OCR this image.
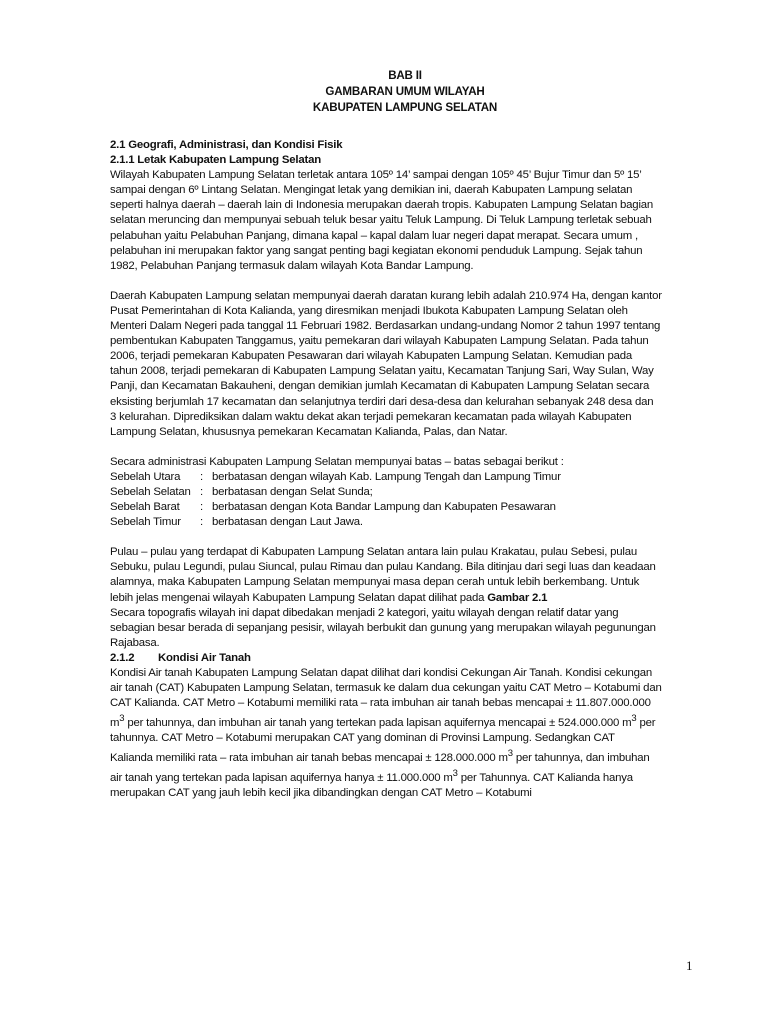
BAB II
GAMBARAN UMUM WILAYAH
KABUPATEN LAMPUNG SELATAN
2.1 Geografi, Administrasi, dan Kondisi Fisik
2.1.1 Letak Kabupaten Lampung Selatan

Wilayah Kabupaten Lampung Selatan terletak antara 105º 14’ sampai dengan 105º 45’ Bujur Timur dan 5º 15’

sampai dengan 6º Lintang Selatan. Mengingat letak yang demikian ini, daerah Kabupaten Lampung selatan

seperti halnya daerah – daerah lain di Indonesia merupakan daerah tropis. Kabupaten Lampung Selatan bagian

selatan meruncing dan mempunyai sebuah teluk besar yaitu Teluk Lampung. Di Teluk Lampung terletak sebuah

pelabuhan yaitu Pelabuhan Panjang, dimana kapal – kapal dalam luar negeri dapat merapat. Secara umum ,

pelabuhan ini merupakan faktor yang sangat penting bagi kegiatan ekonomi penduduk Lampung. Sejak tahun

1982, Pelabuhan Panjang termasuk dalam wilayah Kota Bandar Lampung.

Daerah Kabupaten Lampung selatan mempunyai daerah daratan kurang lebih adalah 210.974 Ha, dengan kantor

Pusat Pemerintahan di Kota Kalianda, yang diresmikan menjadi Ibukota Kabupaten Lampung Selatan oleh

Menteri Dalam Negeri pada tanggal 11 Februari 1982. Berdasarkan undang-undang Nomor 2 tahun 1997 tentang

pembentukan Kabupaten Tanggamus, yaitu pemekaran dari wilayah Kabupaten Lampung Selatan. Pada tahun

2006, terjadi pemekaran Kabupaten Pesawaran dari wilayah Kabupaten Lampung Selatan. Kemudian pada

tahun 2008, terjadi pemekaran di Kabupaten Lampung Selatan yaitu, Kecamatan Tanjung Sari, Way Sulan, Way

Panji, dan Kecamatan Bakauheni, dengan demikian jumlah Kecamatan di Kabupaten Lampung Selatan secara

eksisting berjumlah 17 kecamatan dan selanjutnya terdiri dari desa-desa dan kelurahan sebanyak 248 desa dan

3 kelurahan. Diprediksikan dalam waktu dekat akan terjadi pemekaran kecamatan pada wilayah Kabupaten

Lampung Selatan, khususnya pemekaran Kecamatan Kalianda, Palas, dan Natar.

Secara administrasi Kabupaten Lampung Selatan mempunyai batas – batas sebagai berikut :

Sebelah Utara	: berbatasan dengan wilayah Kab. Lampung Tengah dan Lampung Timur
Sebelah Selatan : berbatasan dengan Selat Sunda;
Sebelah Barat	: berbatasan dengan Kota Bandar Lampung dan Kabupaten Pesawaran
Sebelah Timur	: berbatasan dengan Laut Jawa.

Pulau – pulau yang terdapat di Kabupaten Lampung Selatan antara lain pulau Krakatau, pulau Sebesi, pulau

Sebuku, pulau Legundi, pulau Siuncal, pulau Rimau dan pulau Kandang. Bila ditinjau dari segi luas dan keadaan

alamnya, maka Kabupaten Lampung Selatan mempunyai masa depan cerah untuk lebih berkembang. Untuk

lebih jelas mengenai wilayah Kabupaten Lampung Selatan dapat dilihat pada Gambar 2.1

Secara topografis wilayah ini dapat dibedakan menjadi 2 kategori, yaitu wilayah dengan relatif datar yang

sebagian besar berada di sepanjang pesisir, wilayah berbukit dan gunung yang merupakan wilayah pegunungan

Rajabasa.

2.1.2 Kondisi Air Tanah

Kondisi Air tanah Kabupaten Lampung Selatan dapat dilihat dari kondisi Cekungan Air Tanah. Kondisi cekungan

air tanah (CAT) Kabupaten Lampung Selatan, termasuk ke dalam dua cekungan yaitu CAT Metro – Kotabumi dan

CAT Kalianda. CAT Metro – Kotabumi memiliki rata – rata imbuhan air tanah bebas mencapai ± 11.807.000.000

$m^3$ per tahunnya, dan imbuhan air tanah yang tertekan pada lapisan aquifernya mencapai ± 524.000.000 $m^3$ per

tahunnya. CAT Metro – Kotabumi merupakan CAT yang dominan di Provinsi Lampung. Sedangkan CAT

Kalianda memiliki rata – rata imbuhan air tanah bebas mencapai ± 128.000.000 $m^3$ per tahunnya, dan imbuhan

air tanah yang tertekan pada lapisan aquifernya hanya ± 11.000.000 $m^3$ per Tahunnya. CAT Kalianda hanya

merupakan CAT yang jauh lebih kecil jika dibandingkan dengan CAT Metro – Kotabumi

1
